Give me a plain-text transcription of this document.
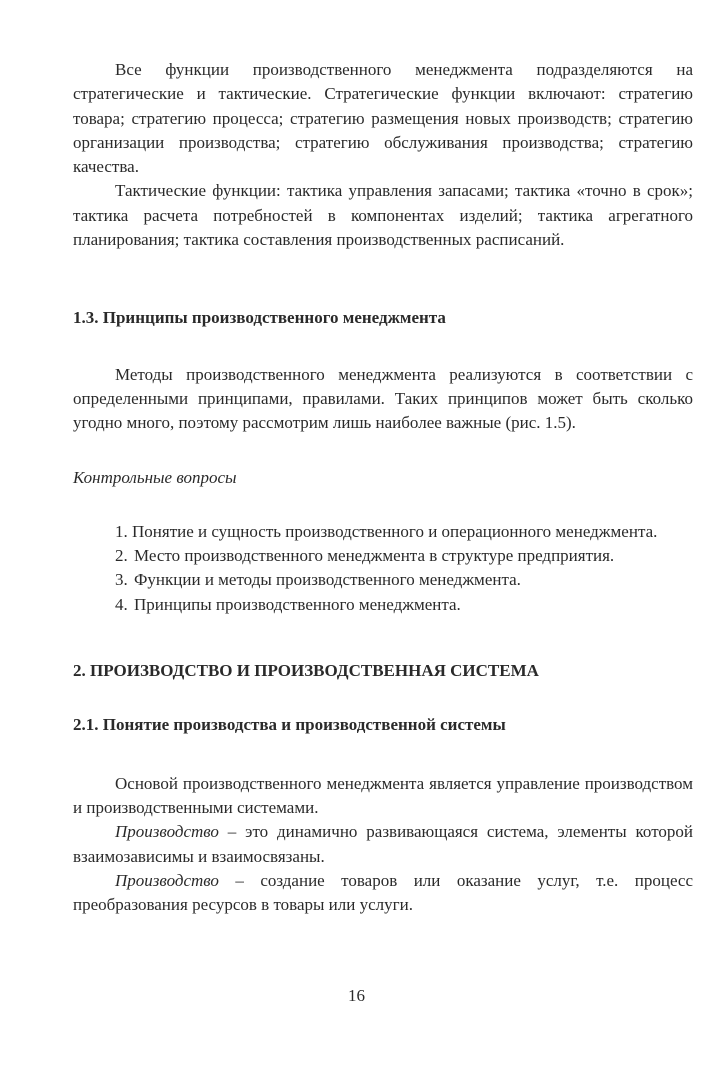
Все функции производственного менеджмента подразделяются на стратегические и тактические. Стратегические функции включают: стратегию товара; стратегию процесса; стратегию размещения новых производств; стратегию организации производства; стратегию обслуживания производства; стратегию качества.

Тактические функции: тактика управления запасами; тактика «точно в срок»; тактика расчета потребностей в компонентах изделий; тактика агрегатного планирования; тактика составления производственных расписаний.

1.3. Принципы производственного менеджмента

Методы производственного менеджмента реализуются в соответствии с определенными принципами, правилами. Таких принципов может быть сколько угодно много, поэтому рассмотрим лишь наиболее важные (рис. 1.5).

Контрольные вопросы

1. Понятие и сущность производственного и операционного менеджмента.
2. Место производственного менеджмента в структуре предприятия.
3. Функции и методы производственного менеджмента.
4. Принципы производственного менеджмента.

2. ПРОИЗВОДСТВО И ПРОИЗВОДСТВЕННАЯ СИСТЕМА

2.1. Понятие производства и производственной системы

Основой производственного менеджмента является управление производством и производственными системами.

Производство – это динамично развивающаяся система, элементы которой взаимозависимы и взаимосвязаны.

Производство – создание товаров или оказание услуг, т.е. процесс преобразования ресурсов в товары или услуги.

16
